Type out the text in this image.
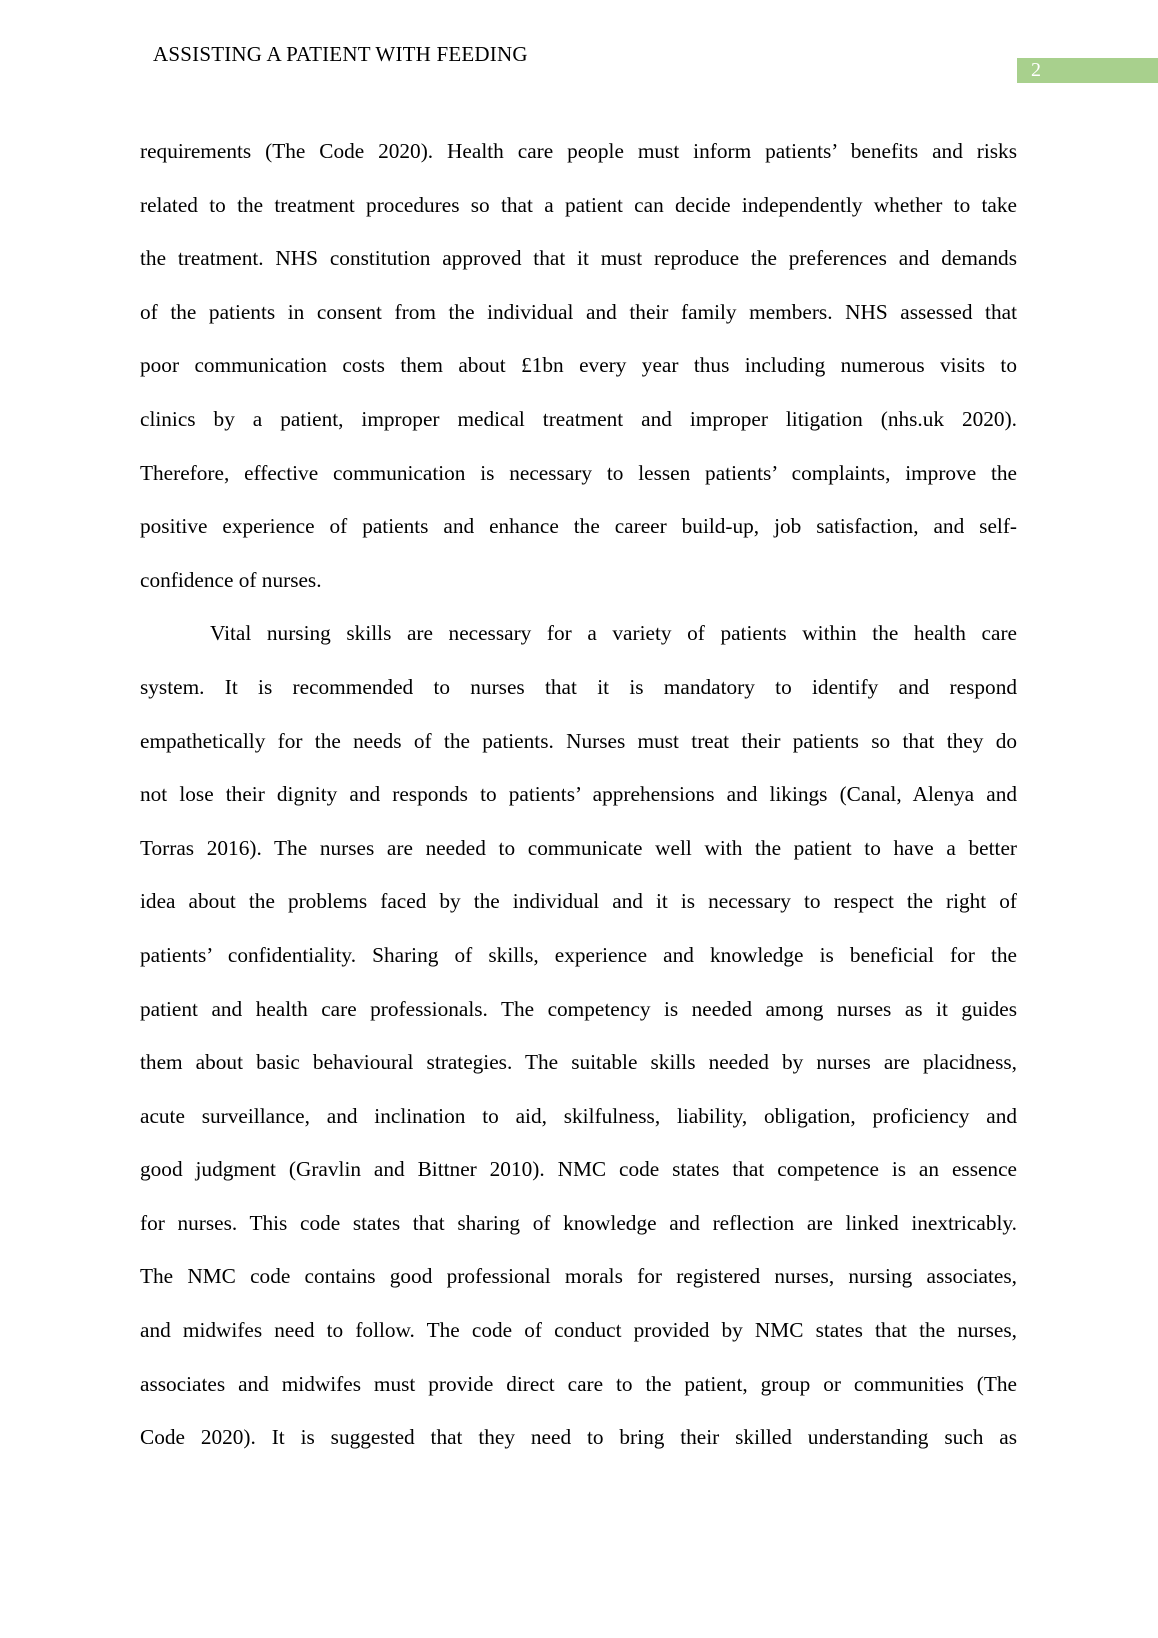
ASSISTING A PATIENT WITH FEEDING
2
requirements (The Code 2020). Health care people must inform patients’ benefits and risks
related to the treatment procedures so that a patient can decide independently whether to take
the treatment. NHS constitution approved that it must reproduce the preferences and demands
of the patients in consent from the individual and their family members. NHS assessed that
poor communication costs them about £1bn every year thus including numerous visits to
clinics by a patient, improper medical treatment and improper litigation (nhs.uk 2020).
Therefore, effective communication is necessary to lessen patients’ complaints, improve the
positive experience of patients and enhance the career build-up, job satisfaction, and self-
confidence of nurses.
Vital nursing skills are necessary for a variety of patients within the health care
system. It is recommended to nurses that it is mandatory to identify and respond
empathetically for the needs of the patients. Nurses must treat their patients so that they do
not lose their dignity and responds to patients’ apprehensions and likings (Canal, Alenya and
Torras 2016). The nurses are needed to communicate well with the patient to have a better
idea about the problems faced by the individual and it is necessary to respect the right of
patients’ confidentiality. Sharing of skills, experience and knowledge is beneficial for the
patient and health care professionals. The competency is needed among nurses as it guides
them about basic behavioural strategies. The suitable skills needed by nurses are placidness,
acute surveillance, and inclination to aid, skilfulness, liability, obligation, proficiency and
good judgment (Gravlin and Bittner 2010). NMC code states that competence is an essence
for nurses. This code states that sharing of knowledge and reflection are linked inextricably.
The NMC code contains good professional morals for registered nurses, nursing associates,
and midwifes need to follow. The code of conduct provided by NMC states that the nurses,
associates and midwifes must provide direct care to the patient, group or communities (The
Code 2020). It is suggested that they need to bring their skilled understanding such as
